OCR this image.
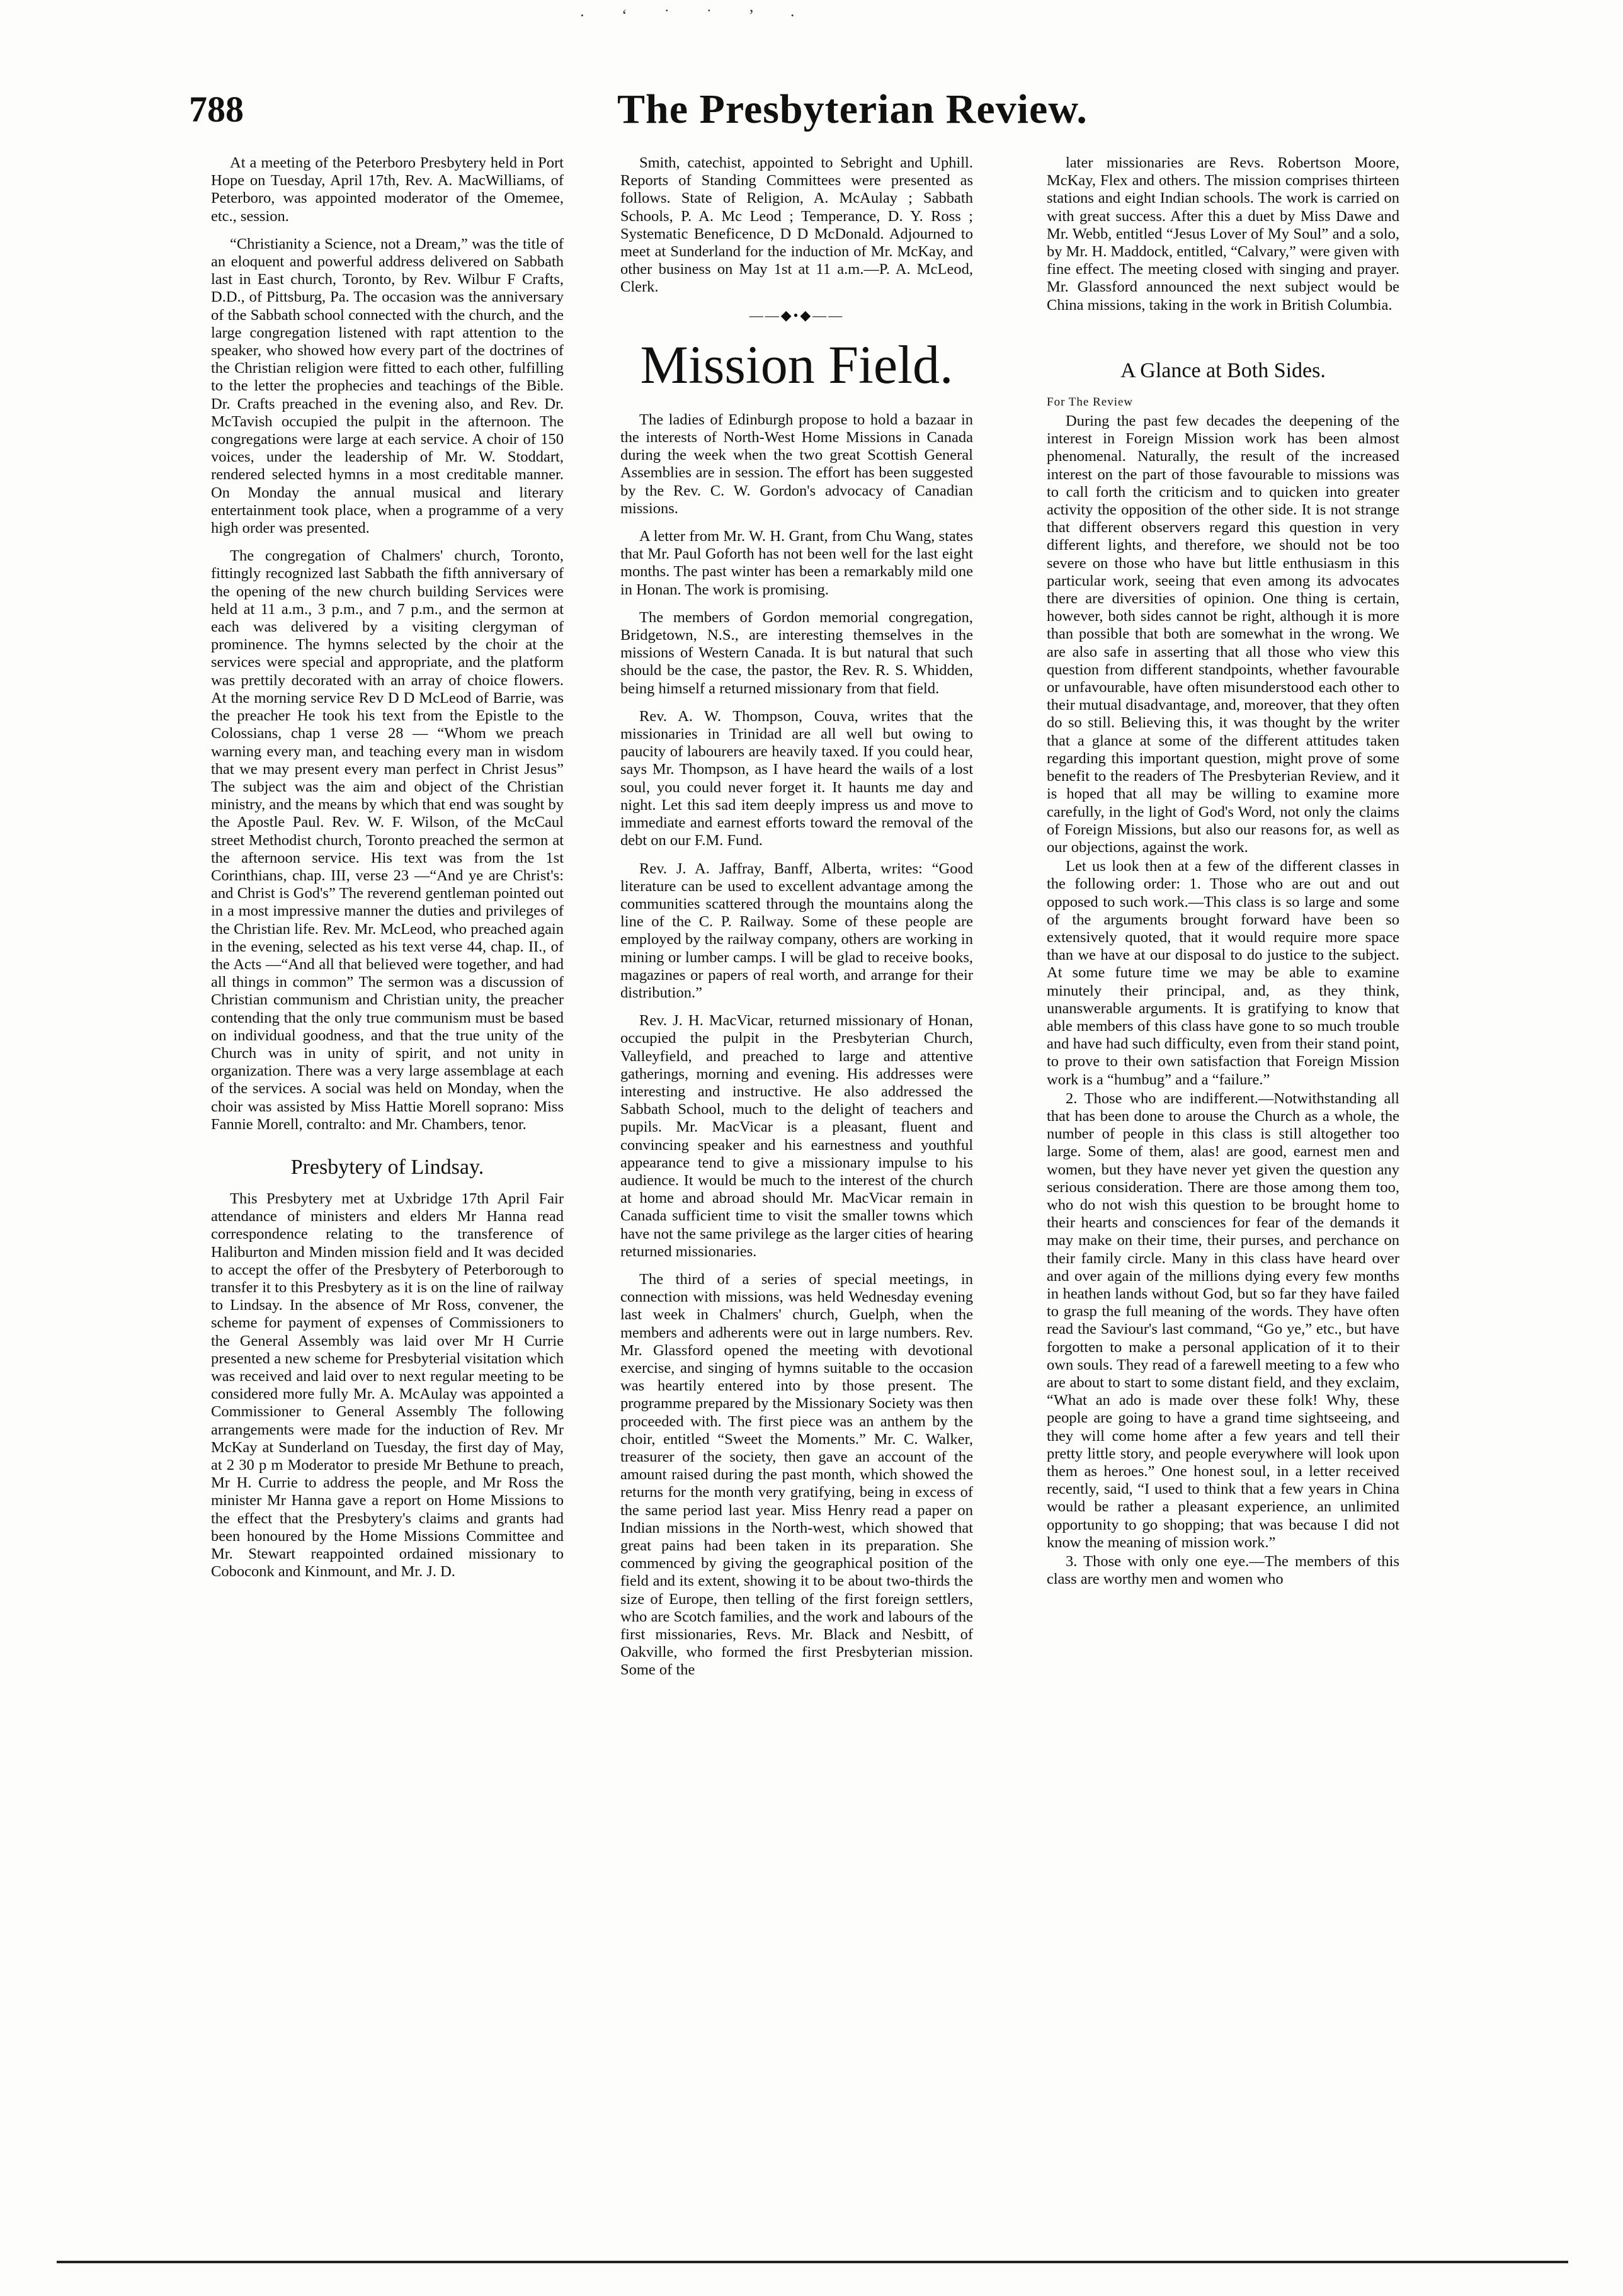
· ‘ ˙ ˙ ’ ·
788	The Presbyterian Review.

At a meeting of the Peterboro Presbytery held in Port Hope on Tuesday, April 17th, Rev. A. MacWilliams, of Peterboro, was appointed moderator of the Omemee, etc., session.

“Christianity a Science, not a Dream,” was the title of an eloquent and powerful address delivered on Sabbath last in East church, Toronto, by Rev. Wilbur F Crafts, D.D., of Pittsburg, Pa. The occasion was the anniversary of the Sabbath school connected with the church, and the large congregation listened with rapt attention to the speaker, who showed how every part of the doctrines of the Christian religion were fitted to each other, fulfilling to the letter the prophecies and teachings of the Bible. Dr. Crafts preached in the evening also, and Rev. Dr. McTavish occupied the pulpit in the afternoon. The congregations were large at each service. A choir of 150 voices, under the leadership of Mr. W. Stoddart, rendered selected hymns in a most creditable manner. On Monday the annual musical and literary entertainment took place, when a programme of a very high order was presented.

The congregation of Chalmers' church, Toronto, fittingly recognized last Sabbath the fifth anniversary of the opening of the new church building Services were held at 11 a.m., 3 p.m., and 7 p.m., and the sermon at each was delivered by a visiting clergyman of prominence. The hymns selected by the choir at the services were special and appropriate, and the platform was prettily decorated with an array of choice flowers. At the morning service Rev D D McLeod of Barrie, was the preacher He took his text from the Epistle to the Colossians, chap 1 verse 28 — “Whom we preach warning every man, and teaching every man in wisdom that we may present every man perfect in Christ Jesus” The subject was the aim and object of the Christian ministry, and the means by which that end was sought by the Apostle Paul. Rev. W. F. Wilson, of the McCaul street Methodist church, Toronto preached the sermon at the afternoon service. His text was from the 1st Corinthians, chap. III, verse 23 —“And ye are Christ's: and Christ is God's” The reverend gentleman pointed out in a most impressive manner the duties and privileges of the Christian life. Rev. Mr. McLeod, who preached again in the evening, selected as his text verse 44, chap. II., of the Acts —“And all that believed were together, and had all things in common” The sermon was a discussion of Christian communism and Christian unity, the preacher contending that the only true communism must be based on individual goodness, and that the true unity of the Church was in unity of spirit, and not unity in organization. There was a very large assemblage at each of the services. A social was held on Monday, when the choir was assisted by Miss Hattie Morell soprano: Miss Fannie Morell, contralto: and Mr. Chambers, tenor.

Presbytery of Lindsay.

This Presbytery met at Uxbridge 17th April Fair attendance of ministers and elders Mr Hanna read correspondence relating to the transference of Haliburton and Minden mission field and It was decided to accept the offer of the Presbytery of Peterborough to transfer it to this Presbytery as it is on the line of railway to Lindsay. In the absence of Mr Ross, convener, the scheme for payment of expenses of Commissioners to the General Assembly was laid over Mr H Currie presented a new scheme for Presbyterial visitation which was received and laid over to next regular meeting to be considered more fully Mr. A. McAulay was appointed a Commissioner to General Assembly The following arrangements were made for the induction of Rev. Mr McKay at Sunderland on Tuesday, the first day of May, at 2 30 p m Moderator to preside Mr Bethune to preach, Mr H. Currie to address the people, and Mr Ross the minister Mr Hanna gave a report on Home Missions to the effect that the Presbytery's claims and grants had been honoured by the Home Missions Committee and Mr. Stewart reappointed ordained missionary to Coboconk and Kinmount, and Mr. J. D.

Smith, catechist, appointed to Sebright and Uphill. Reports of Standing Committees were presented as follows. State of Religion, A. McAulay ; Sabbath Schools, P. A. Mc Leod ; Temperance, D. Y. Ross ; Systematic Beneficence, D D McDonald. Adjourned to meet at Sunderland for the induction of Mr. McKay, and other business on May 1st at 11 a.m.—P. A. McLeod, Clerk.

——◆•◆——
Mission Field.

The ladies of Edinburgh propose to hold a bazaar in the interests of North-West Home Missions in Canada during the week when the two great Scottish General Assemblies are in session. The effort has been suggested by the Rev. C. W. Gordon's advocacy of Canadian missions.

A letter from Mr. W. H. Grant, from Chu Wang, states that Mr. Paul Goforth has not been well for the last eight months. The past winter has been a remarkably mild one in Honan. The work is promising.

The members of Gordon memorial congregation, Bridgetown, N.S., are interesting themselves in the missions of Western Canada. It is but natural that such should be the case, the pastor, the Rev. R. S. Whidden, being himself a returned missionary from that field.

Rev. A. W. Thompson, Couva, writes that the missionaries in Trinidad are all well but owing to paucity of labourers are heavily taxed. If you could hear, says Mr. Thompson, as I have heard the wails of a lost soul, you could never forget it. It haunts me day and night. Let this sad item deeply impress us and move to immediate and earnest efforts toward the removal of the debt on our F.M. Fund.

Rev. J. A. Jaffray, Banff, Alberta, writes: “Good literature can be used to excellent advantage among the communities scattered through the mountains along the line of the C. P. Railway. Some of these people are employed by the railway company, others are working in mining or lumber camps. I will be glad to receive books, magazines or papers of real worth, and arrange for their distribution.”

Rev. J. H. MacVicar, returned missionary of Honan, occupied the pulpit in the Presbyterian Church, Valleyfield, and preached to large and attentive gatherings, morning and evening. His addresses were interesting and instructive. He also addressed the Sabbath School, much to the delight of teachers and pupils. Mr. MacVicar is a pleasant, fluent and convincing speaker and his earnestness and youthful appearance tend to give a missionary impulse to his audience. It would be much to the interest of the church at home and abroad should Mr. MacVicar remain in Canada sufficient time to visit the smaller towns which have not the same privilege as the larger cities of hearing returned missionaries.

The third of a series of special meetings, in connection with missions, was held Wednesday evening last week in Chalmers' church, Guelph, when the members and adherents were out in large numbers. Rev. Mr. Glassford opened the meeting with devotional exercise, and singing of hymns suitable to the occasion was heartily entered into by those present. The programme prepared by the Missionary Society was then proceeded with. The first piece was an anthem by the choir, entitled “Sweet the Moments.” Mr. C. Walker, treasurer of the society, then gave an account of the amount raised during the past month, which showed the returns for the month very gratifying, being in excess of the same period last year. Miss Henry read a paper on Indian missions in the North-west, which showed that great pains had been taken in its preparation. She commenced by giving the geographical position of the field and its extent, showing it to be about two-thirds the size of Europe, then telling of the first foreign settlers, who are Scotch families, and the work and labours of the first missionaries, Revs. Mr. Black and Nesbitt, of Oakville, who formed the first Presbyterian mission. Some of the

later missionaries are Revs. Robertson Moore, McKay, Flex and others. The mission comprises thirteen stations and eight Indian schools. The work is carried on with great success. After this a duet by Miss Dawe and Mr. Webb, entitled “Jesus Lover of My Soul” and a solo, by Mr. H. Maddock, entitled, “Calvary,” were given with fine effect. The meeting closed with singing and prayer. Mr. Glassford announced the next subject would be China missions, taking in the work in British Columbia.

A Glance at Both Sides.

For The Review

During the past few decades the deepening of the interest in Foreign Mission work has been almost phenomenal. Naturally, the result of the increased interest on the part of those favourable to missions was to call forth the criticism and to quicken into greater activity the opposition of the other side. It is not strange that different observers regard this question in very different lights, and therefore, we should not be too severe on those who have but little enthusiasm in this particular work, seeing that even among its advocates there are diversities of opinion. One thing is certain, however, both sides cannot be right, although it is more than possible that both are somewhat in the wrong. We are also safe in asserting that all those who view this question from different standpoints, whether favourable or unfavourable, have often misunderstood each other to their mutual disadvantage, and, moreover, that they often do so still. Believing this, it was thought by the writer that a glance at some of the different attitudes taken regarding this important question, might prove of some benefit to the readers of The Presbyterian Review, and it is hoped that all may be willing to examine more carefully, in the light of God's Word, not only the claims of Foreign Missions, but also our reasons for, as well as our objections, against the work.

Let us look then at a few of the different classes in the following order: 1. Those who are out and out opposed to such work.—This class is so large and some of the arguments brought forward have been so extensively quoted, that it would require more space than we have at our disposal to do justice to the subject. At some future time we may be able to examine minutely their principal, and, as they think, unanswerable arguments. It is gratifying to know that able members of this class have gone to so much trouble and have had such difficulty, even from their stand point, to prove to their own satisfaction that Foreign Mission work is a “humbug” and a “failure.”

2. Those who are indifferent.—Notwithstanding all that has been done to arouse the Church as a whole, the number of people in this class is still altogether too large. Some of them, alas! are good, earnest men and women, but they have never yet given the question any serious consideration. There are those among them too, who do not wish this question to be brought home to their hearts and consciences for fear of the demands it may make on their time, their purses, and perchance on their family circle. Many in this class have heard over and over again of the millions dying every few months in heathen lands without God, but so far they have failed to grasp the full meaning of the words. They have often read the Saviour's last command, “Go ye,” etc., but have forgotten to make a personal application of it to their own souls. They read of a farewell meeting to a few who are about to start to some distant field, and they exclaim, “What an ado is made over these folk! Why, these people are going to have a grand time sightseeing, and they will come home after a few years and tell their pretty little story, and people everywhere will look upon them as heroes.” One honest soul, in a letter received recently, said, “I used to think that a few years in China would be rather a pleasant experience, an unlimited opportunity to go shopping; that was because I did not know the meaning of mission work.”

3. Those with only one eye.—The members of this class are worthy men and women who
